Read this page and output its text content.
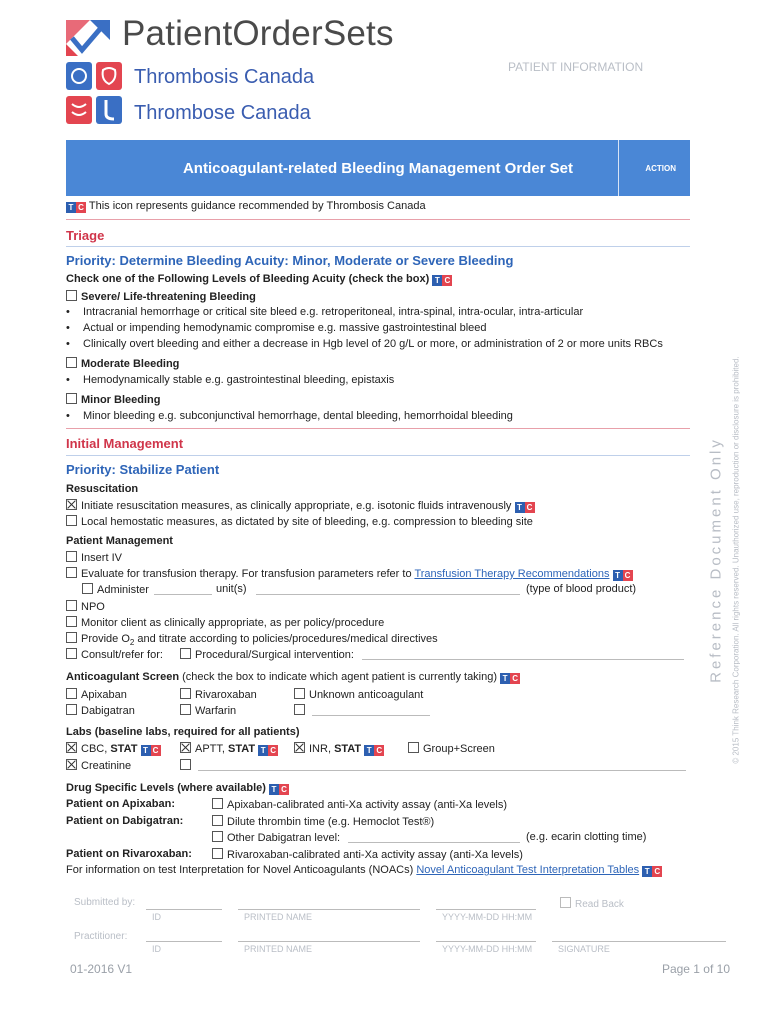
PatientOrderSets
PATIENT INFORMATION
Thrombosis Canada
Thrombose Canada
Anticoagulant-related Bleeding Management Order Set	ACTION
T C This icon represents guidance recommended by Thrombosis Canada
Triage
Priority: Determine Bleeding Acuity: Minor, Moderate or Severe Bleeding
Check one of the Following Levels of Bleeding Acuity (check the box) T C
Severe/ Life-threatening Bleeding
• Intracranial hemorrhage or critical site bleed e.g. retroperitoneal, intra-spinal, intra-ocular, intra-articular
• Actual or impending hemodynamic compromise e.g. massive gastrointestinal bleed
• Clinically overt bleeding and either a decrease in Hgb level of 20 g/L or more, or administration of 2 or more units RBCs
Moderate Bleeding
• Hemodynamically stable e.g. gastrointestinal bleeding, epistaxis
Minor Bleeding
• Minor bleeding e.g. subconjunctival hemorrhage, dental bleeding, hemorrhoidal bleeding
Initial Management
Priority: Stabilize Patient
Resuscitation
Initiate resuscitation measures, as clinically appropriate, e.g. isotonic fluids intravenously T C
Local hemostatic measures, as dictated by site of bleeding, e.g. compression to bleeding site
Patient Management
Insert IV
Evaluate for transfusion therapy. For transfusion parameters refer to Transfusion Therapy Recommendations T C
Administer	unit(s)	(type of blood product)
NPO
Monitor client as clinically appropriate, as per policy/procedure
Provide $O_2$ and titrate according to policies/procedures/medical directives
Consult/refer for:	Procedural/Surgical intervention:
Anticoagulant Screen (check the box to indicate which agent patient is currently taking) T C
Apixaban	Rivaroxaban	Unknown anticoagulant
Dabigatran	Warfarin
Labs (baseline labs, required for all patients)
CBC, STAT T C	APTT, STAT T C	INR, STAT T C	Group+Screen
Creatinine
Drug Specific Levels (where available) T C
Patient on Apixaban:	Apixaban-calibrated anti-Xa activity assay (anti-Xa levels)
Patient on Dabigatran:	Dilute thrombin time (e.g. Hemoclot Test®)
Other Dabigatran level:	(e.g. ecarin clotting time)
Patient on Rivaroxaban:	Rivaroxaban-calibrated anti-Xa activity assay (anti-Xa levels)
For information on test Interpretation for Novel Anticoagulants (NOACs) Novel Anticoagulant Test Interpretation Tables T C
Submitted by:	Read Back
ID	PRINTED NAME	YYYY-MM-DD HH:MM
Practitioner:
ID	PRINTED NAME	YYYY-MM-DD HH:MM	SIGNATURE
01-2016 V1	Page 1 of 10
Reference Document Only © 2015 Think Research Corporation. All rights reserved. Unauthorized use, reproduction or disclosure is prohibited.
